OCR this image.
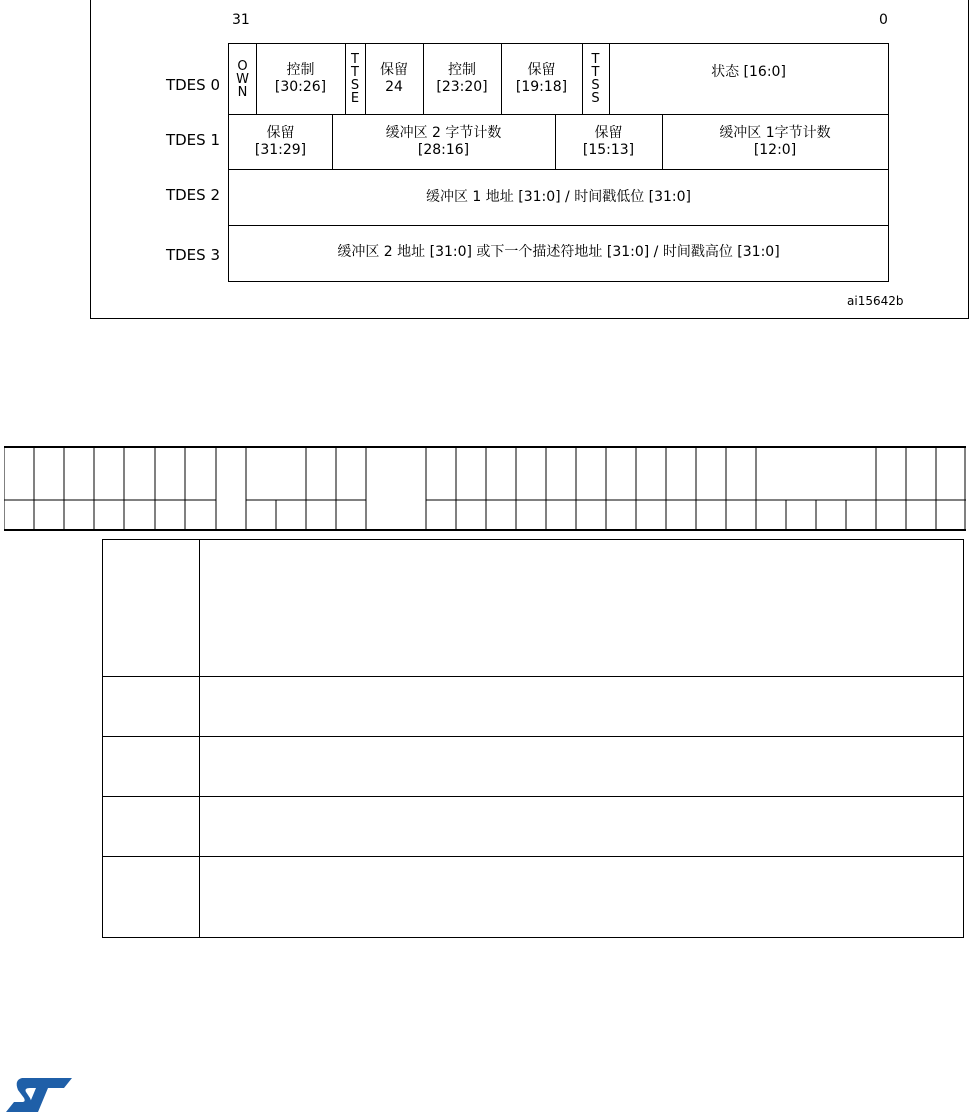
31	0
TDES 0
TDES 1
TDES 2
TDES 3
ai15642b
O
W
N
控制
[30:26]
T
T
S
E
保留
24
控制
[23:20]
保留
[19:18]
T
T
S
S
状态 [16:0]
保留
[31:29]
缓冲区 2 字节计数
[28:16]
保留
[15:13]
缓冲区 1字节计数
[12:0]
缓冲区 1 地址 [31:0] / 时间戳低位 [31:0]
缓冲区 2 地址 [31:0] 或下一个描述符地址 [31:0] / 时间戳高位 [31:0]
